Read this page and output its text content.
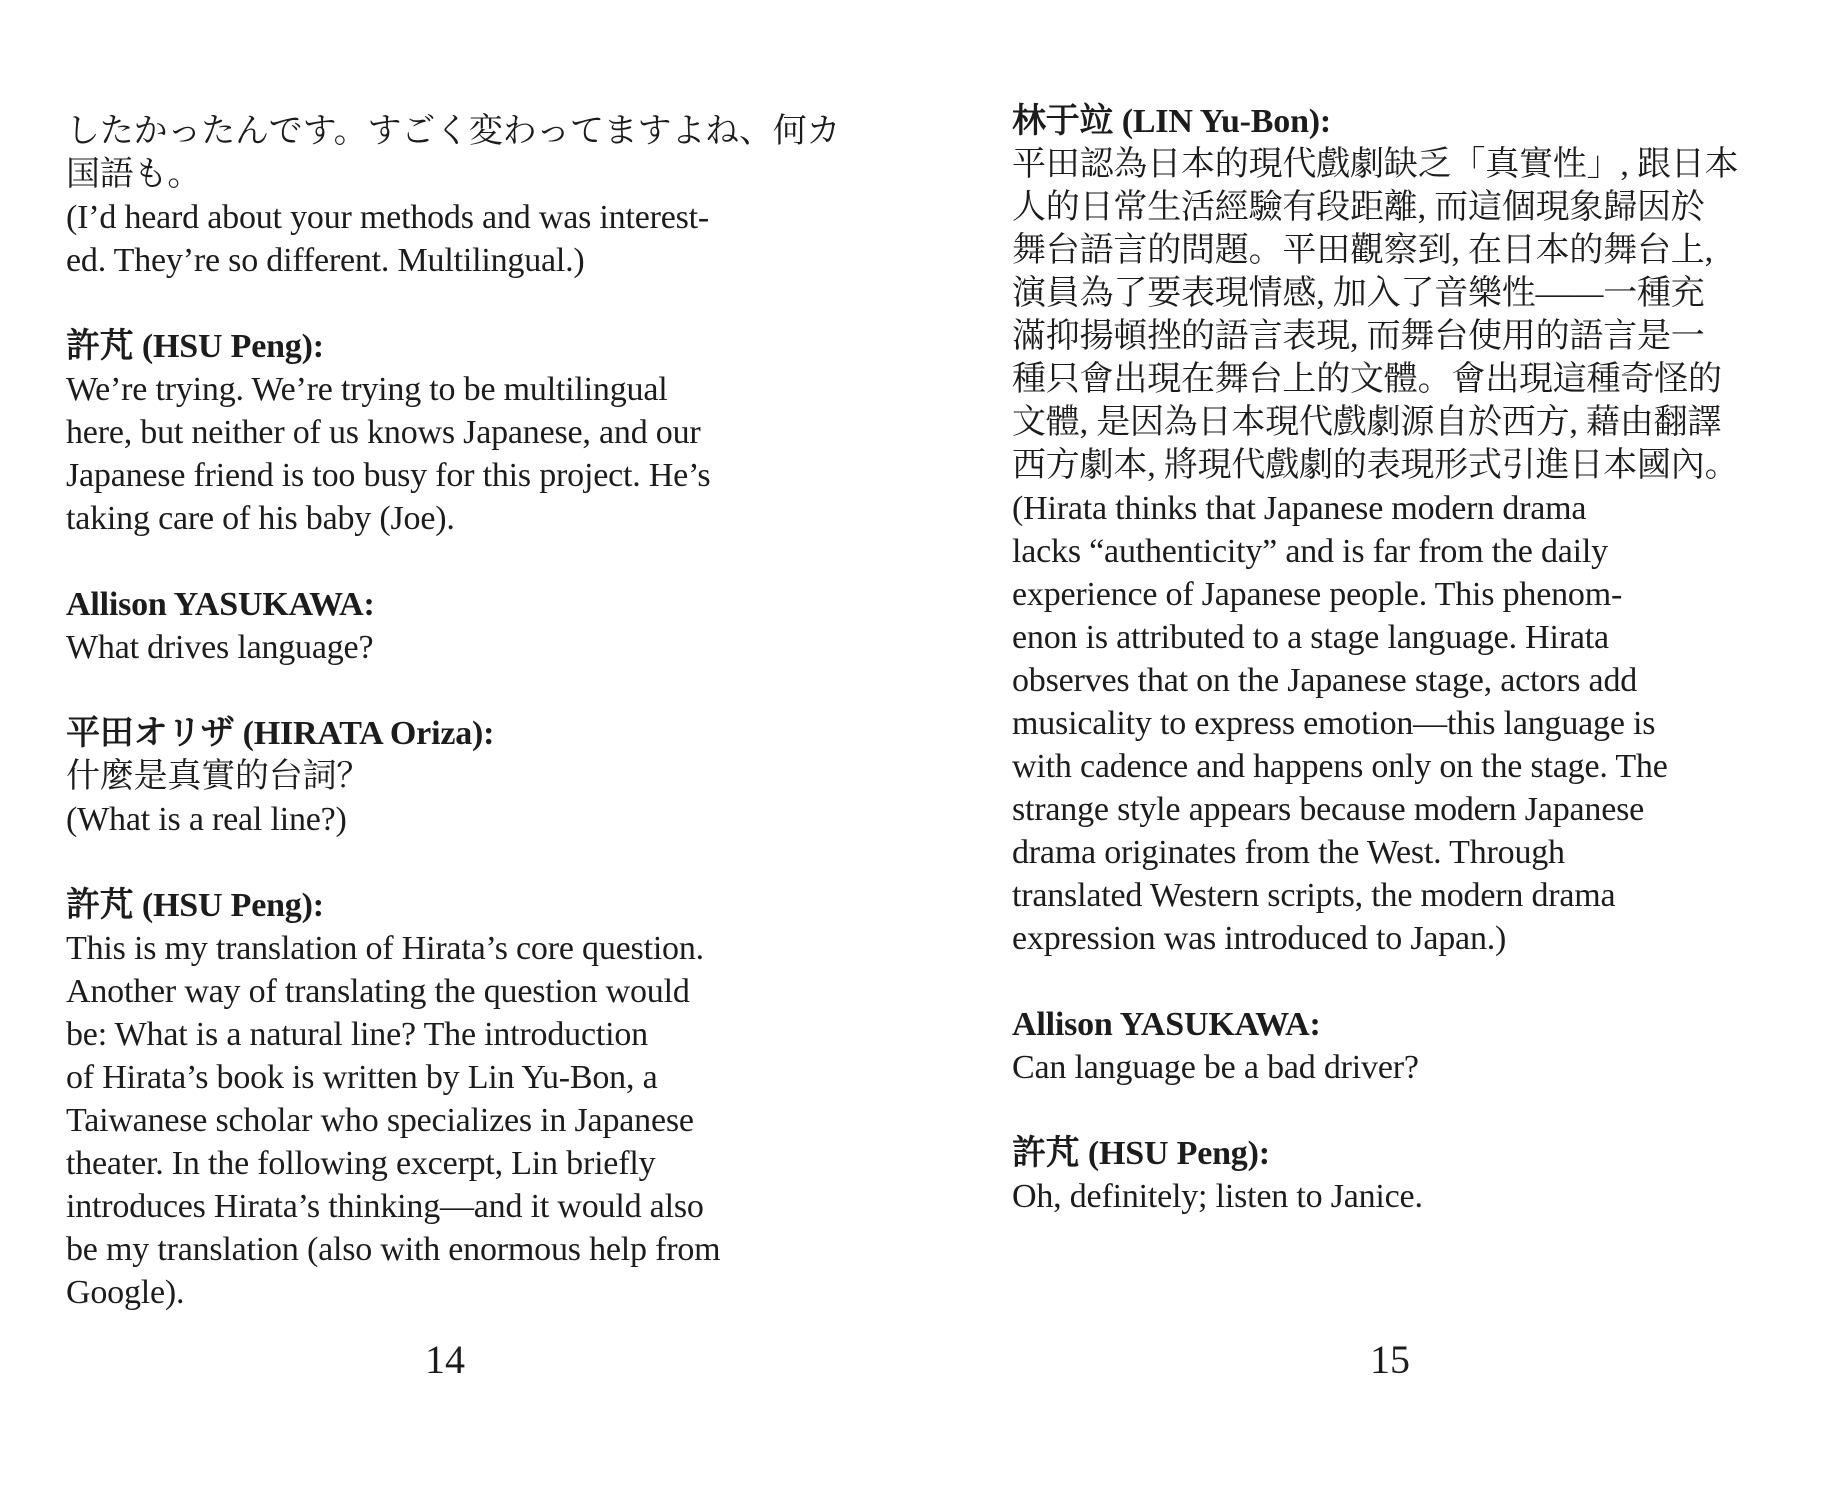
したかったんです。すごく変わってますよね、何カ
国語も。
(I’d heard about your methods and was interest-
ed. They’re so different. Multilingual.)
許芃 (HSU Peng):
We’re trying. We’re trying to be multilingual
here, but neither of us knows Japanese, and our
Japanese friend is too busy for this project. He’s
taking care of his baby (Joe).
Allison YASUKAWA:
What drives language?
平田オリザ (HIRATA Oriza):
什麼是真實的台詞？
(What is a real line?)
許芃 (HSU Peng):
This is my translation of Hirata’s core question.
Another way of translating the question would
be: What is a natural line? The introduction
of Hirata’s book is written by Lin Yu-Bon, a
Taiwanese scholar who specializes in Japanese
theater. In the following excerpt, Lin briefly
introduces Hirata’s thinking—and it would also
be my translation (also with enormous help from
Google).
林于竝 (LIN Yu-Bon):
平田認為日本的現代戲劇缺乏「真實性」, 跟日本
人的日常生活經驗有段距離, 而這個現象歸因於
舞台語言的問題。平田觀察到, 在日本的舞台上,
演員為了要表現情感, 加入了音樂性——一種充
滿抑揚頓挫的語言表現, 而舞台使用的語言是一
種只會出現在舞台上的文體。會出現這種奇怪的
文體, 是因為日本現代戲劇源自於西方, 藉由翻譯
西方劇本, 將現代戲劇的表現形式引進日本國內。
(Hirata thinks that Japanese modern drama
lacks “authenticity” and is far from the daily
experience of Japanese people. This phenom-
enon is attributed to a stage language. Hirata
observes that on the Japanese stage, actors add
musicality to express emotion—this language is
with cadence and happens only on the stage. The
strange style appears because modern Japanese
drama originates from the West. Through
translated Western scripts, the modern drama
expression was introduced to Japan.)
Allison YASUKAWA:
Can language be a bad driver?
許芃 (HSU Peng):
Oh, definitely; listen to Janice.
14	15
